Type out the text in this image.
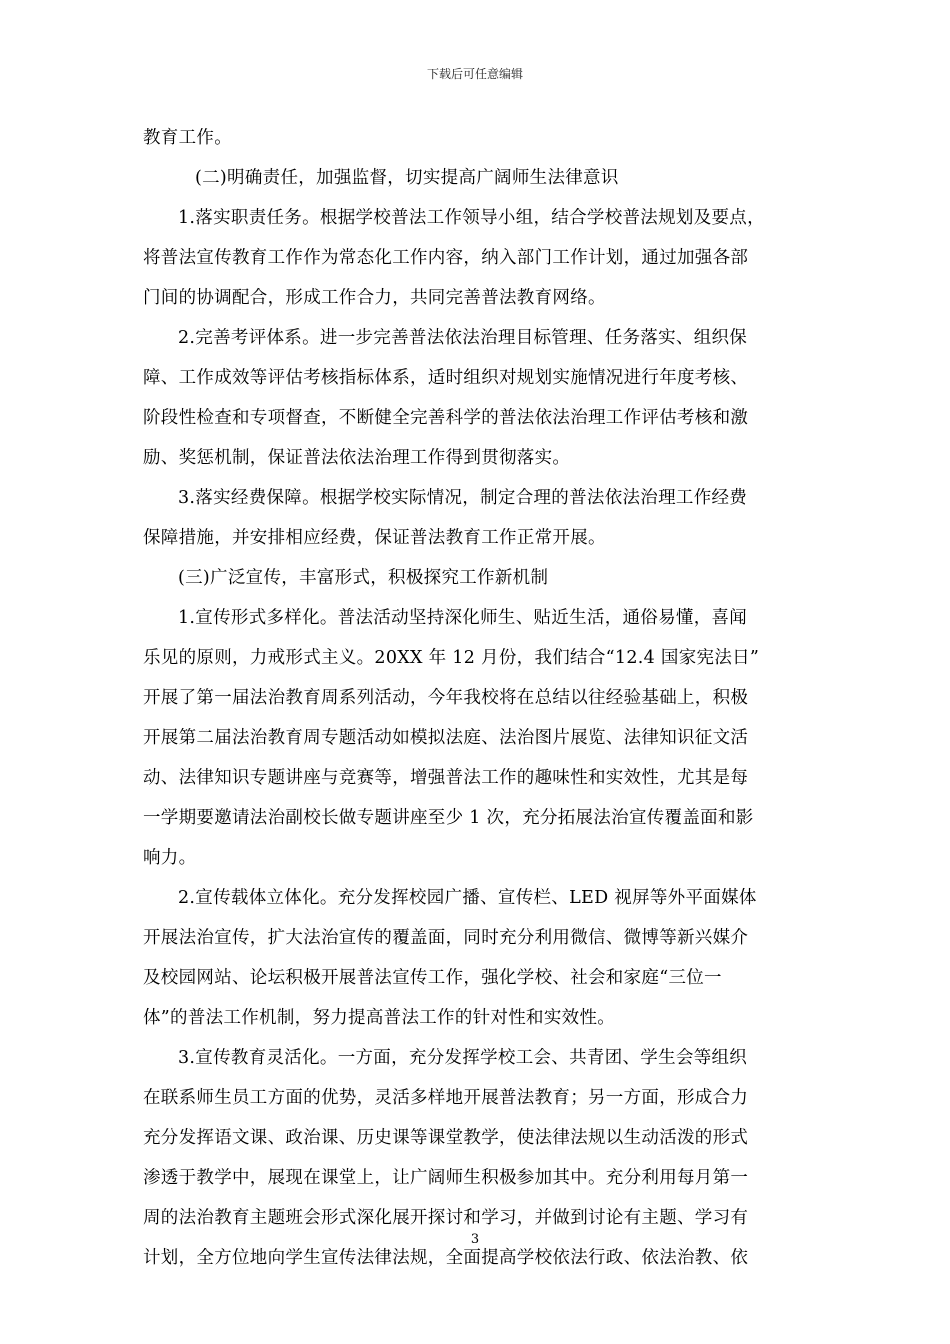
下载后可任意编辑

教育工作。

(二)明确责任，加强监督，切实提高广阔师生法律意识

1.落实职责任务。根据学校普法工作领导小组，结合学校普法规划及要点，
将普法宣传教育工作作为常态化工作内容，纳入部门工作计划，通过加强各部
门间的协调配合，形成工作合力，共同完善普法教育网络。

2.完善考评体系。进一步完善普法依法治理目标管理、任务落实、组织保
障、工作成效等评估考核指标体系，适时组织对规划实施情况进行年度考核、
阶段性检查和专项督查，不断健全完善科学的普法依法治理工作评估考核和激
励、奖惩机制，保证普法依法治理工作得到贯彻落实。

3.落实经费保障。根据学校实际情况，制定合理的普法依法治理工作经费
保障措施，并安排相应经费，保证普法教育工作正常开展。

(三)广泛宣传，丰富形式，积极探究工作新机制

1.宣传形式多样化。普法活动坚持深化师生、贴近生活，通俗易懂，喜闻
乐见的原则，力戒形式主义。20XX 年 12 月份，我们结合“12.4 国家宪法日”
开展了第一届法治教育周系列活动，今年我校将在总结以往经验基础上，积极
开展第二届法治教育周专题活动如模拟法庭、法治图片展览、法律知识征文活
动、法律知识专题讲座与竞赛等，增强普法工作的趣味性和实效性，尤其是每
一学期要邀请法治副校长做专题讲座至少 1 次，充分拓展法治宣传覆盖面和影
响力。

2.宣传载体立体化。充分发挥校园广播、宣传栏、LED 视屏等外平面媒体
开展法治宣传，扩大法治宣传的覆盖面，同时充分利用微信、微博等新兴媒介
及校园网站、论坛积极开展普法宣传工作，强化学校、社会和家庭“三位一
体”的普法工作机制，努力提高普法工作的针对性和实效性。

3.宣传教育灵活化。一方面，充分发挥学校工会、共青团、学生会等组织
在联系师生员工方面的优势，灵活多样地开展普法教育；另一方面，形成合力
充分发挥语文课、政治课、历史课等课堂教学，使法律法规以生动活泼的形式
渗透于教学中，展现在课堂上，让广阔师生积极参加其中。充分利用每月第一
周的法治教育主题班会形式深化展开探讨和学习，并做到讨论有主题、学习有
计划，全方位地向学生宣传法律法规，全面提高学校依法行政、依法治教、依

3
